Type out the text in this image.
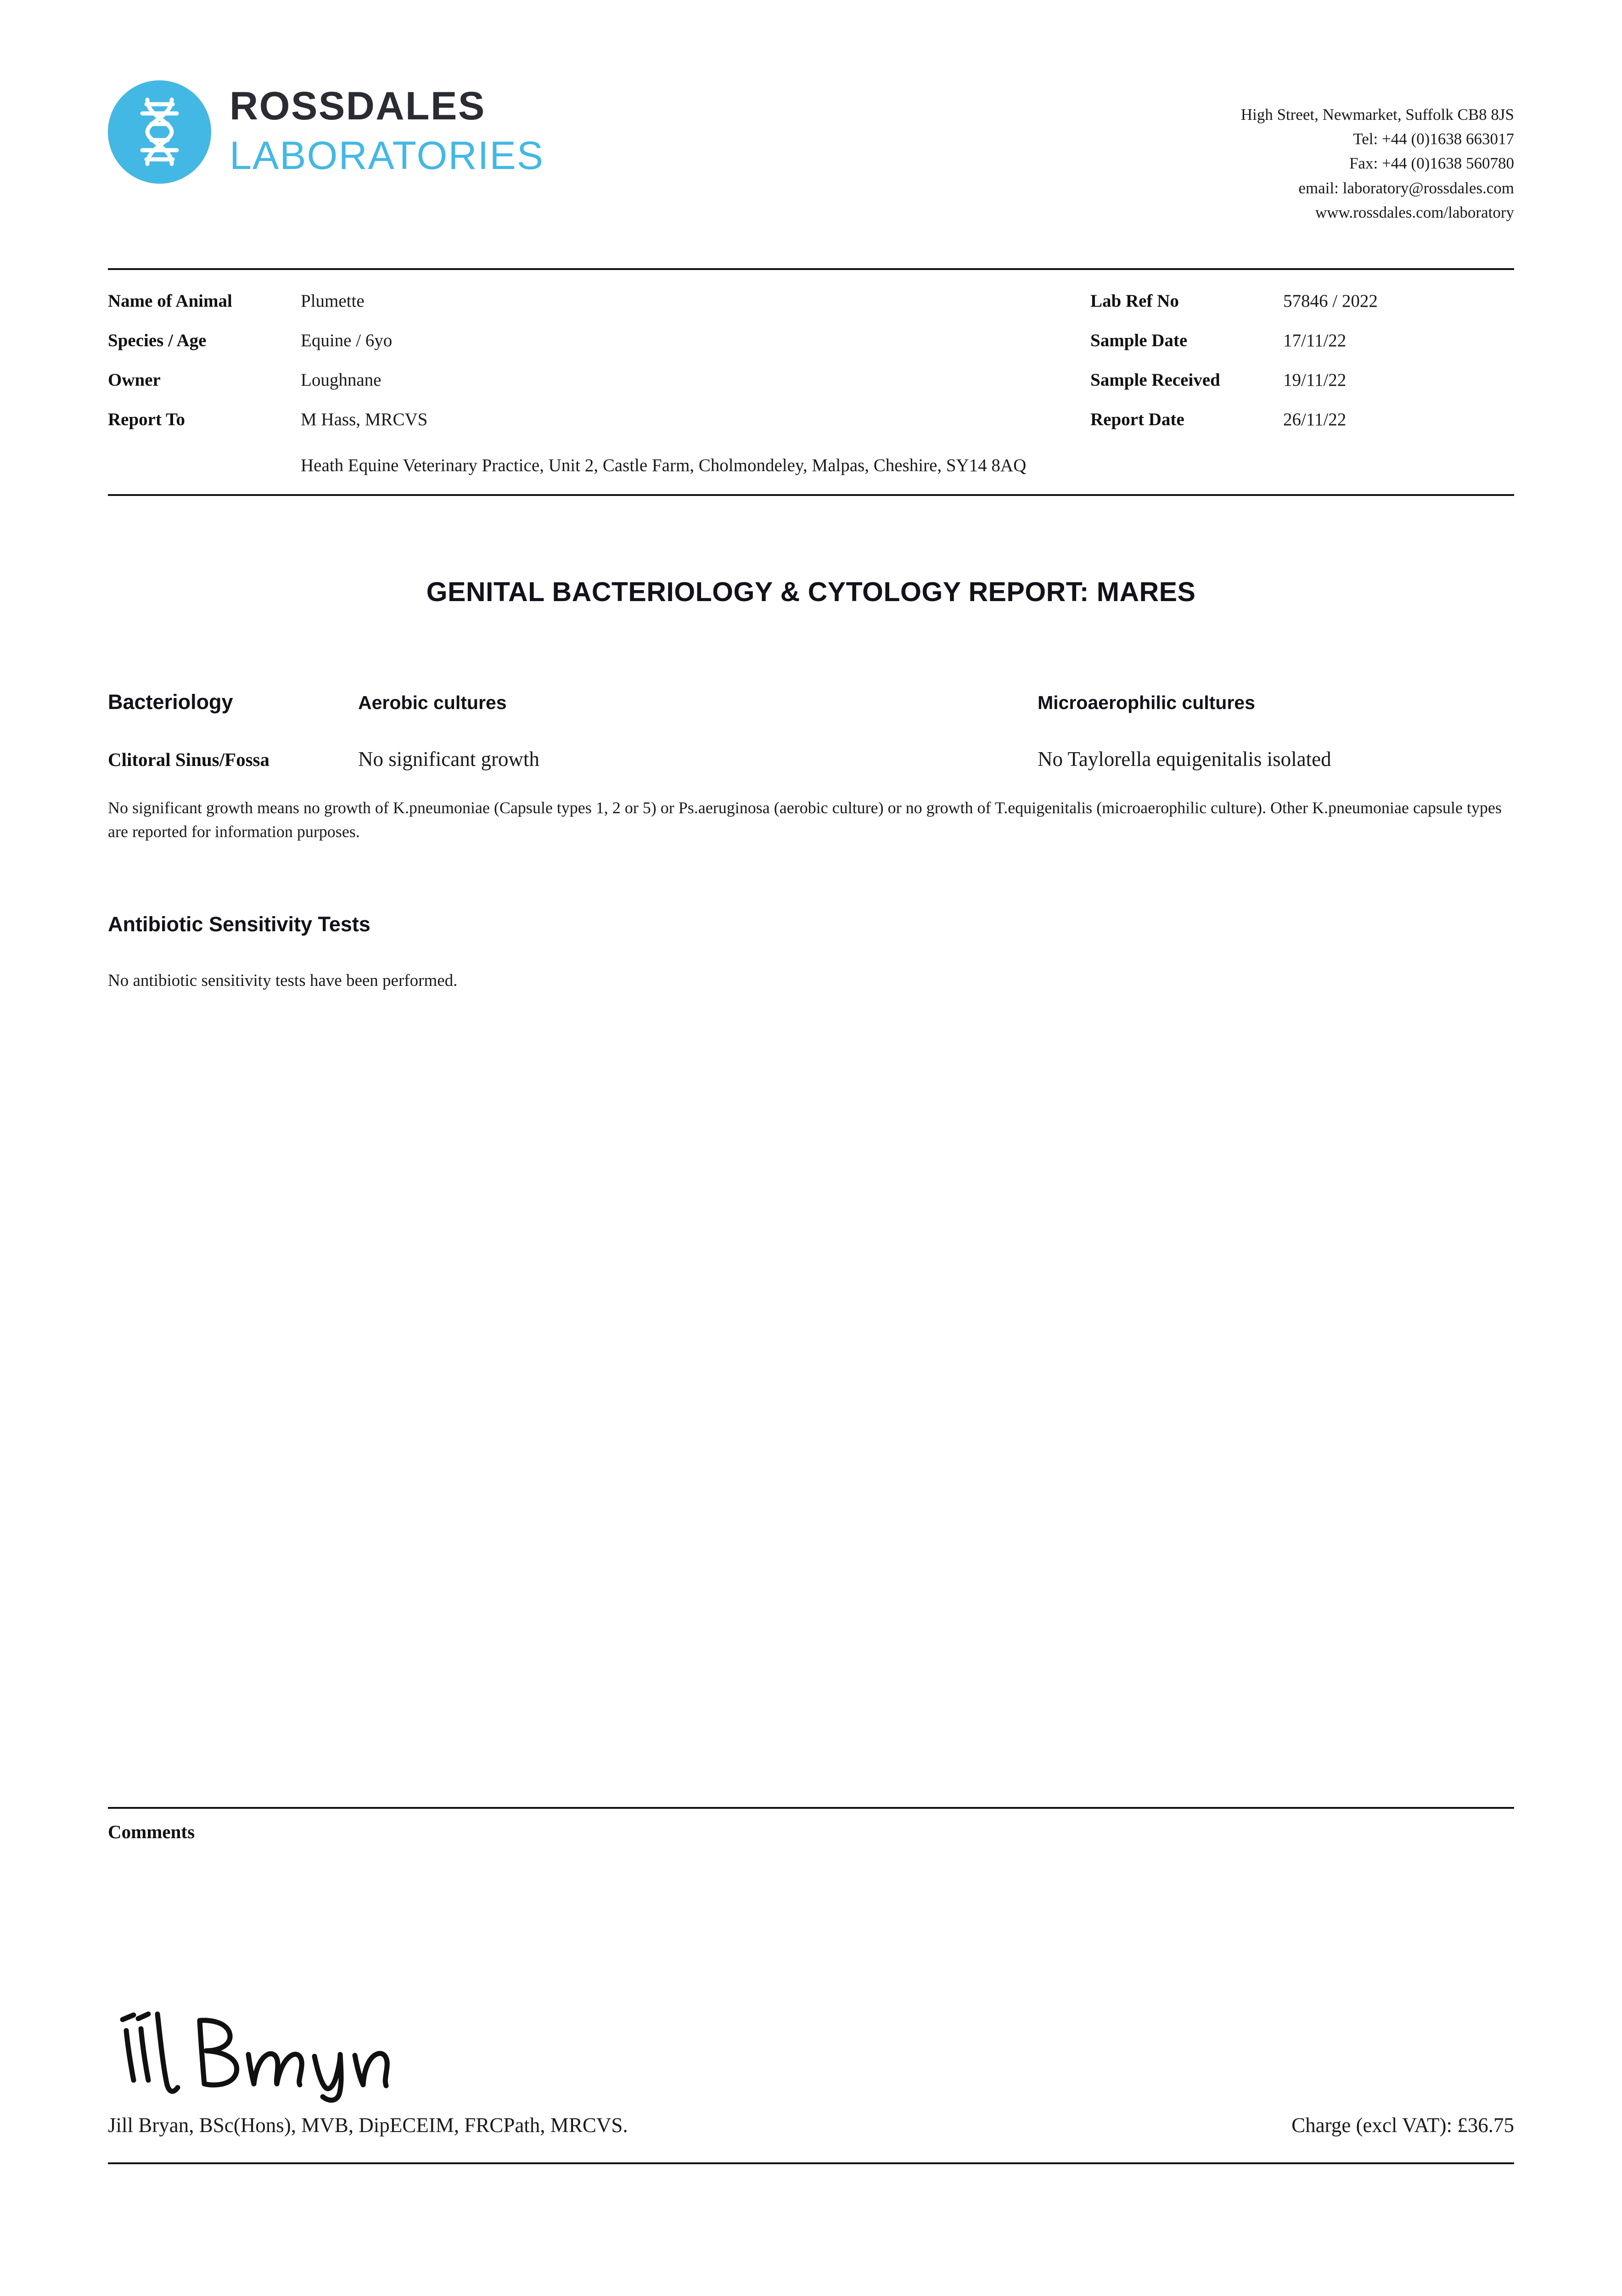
ROSSDALES
LABORATORIES
High Street, Newmarket, Suffolk CB8 8JS
Tel: +44 (0)1638 663017
Fax: +44 (0)1638 560780
email: laboratory@rossdales.com
www.rossdales.com/laboratory
Name of Animal	Plumette
Species / Age	Equine / 6yo
Owner	Loughnane
Report To	M Hass, MRCVS
Lab Ref No	57846 / 2022
Sample Date	17/11/22
Sample Received	19/11/22
Report Date	26/11/22
Heath Equine Veterinary Practice, Unit 2, Castle Farm, Cholmondeley, Malpas, Cheshire, SY14 8AQ
GENITAL BACTERIOLOGY & CYTOLOGY REPORT: MARES
Bacteriology	Aerobic cultures	Microaerophilic cultures
Clitoral Sinus/Fossa	No significant growth	No Taylorella equigenitalis isolated
No significant growth means no growth of K.pneumoniae (Capsule types 1, 2 or 5) or Ps.aeruginosa (aerobic culture) or no growth of T.equigenitalis (microaerophilic culture). Other K.pneumoniae capsule types are reported for information purposes.
Antibiotic Sensitivity Tests
No antibiotic sensitivity tests have been performed.
Comments
Jill Bryan, BSc(Hons), MVB, DipECEIM, FRCPath, MRCVS.	Charge (excl VAT): £36.75
